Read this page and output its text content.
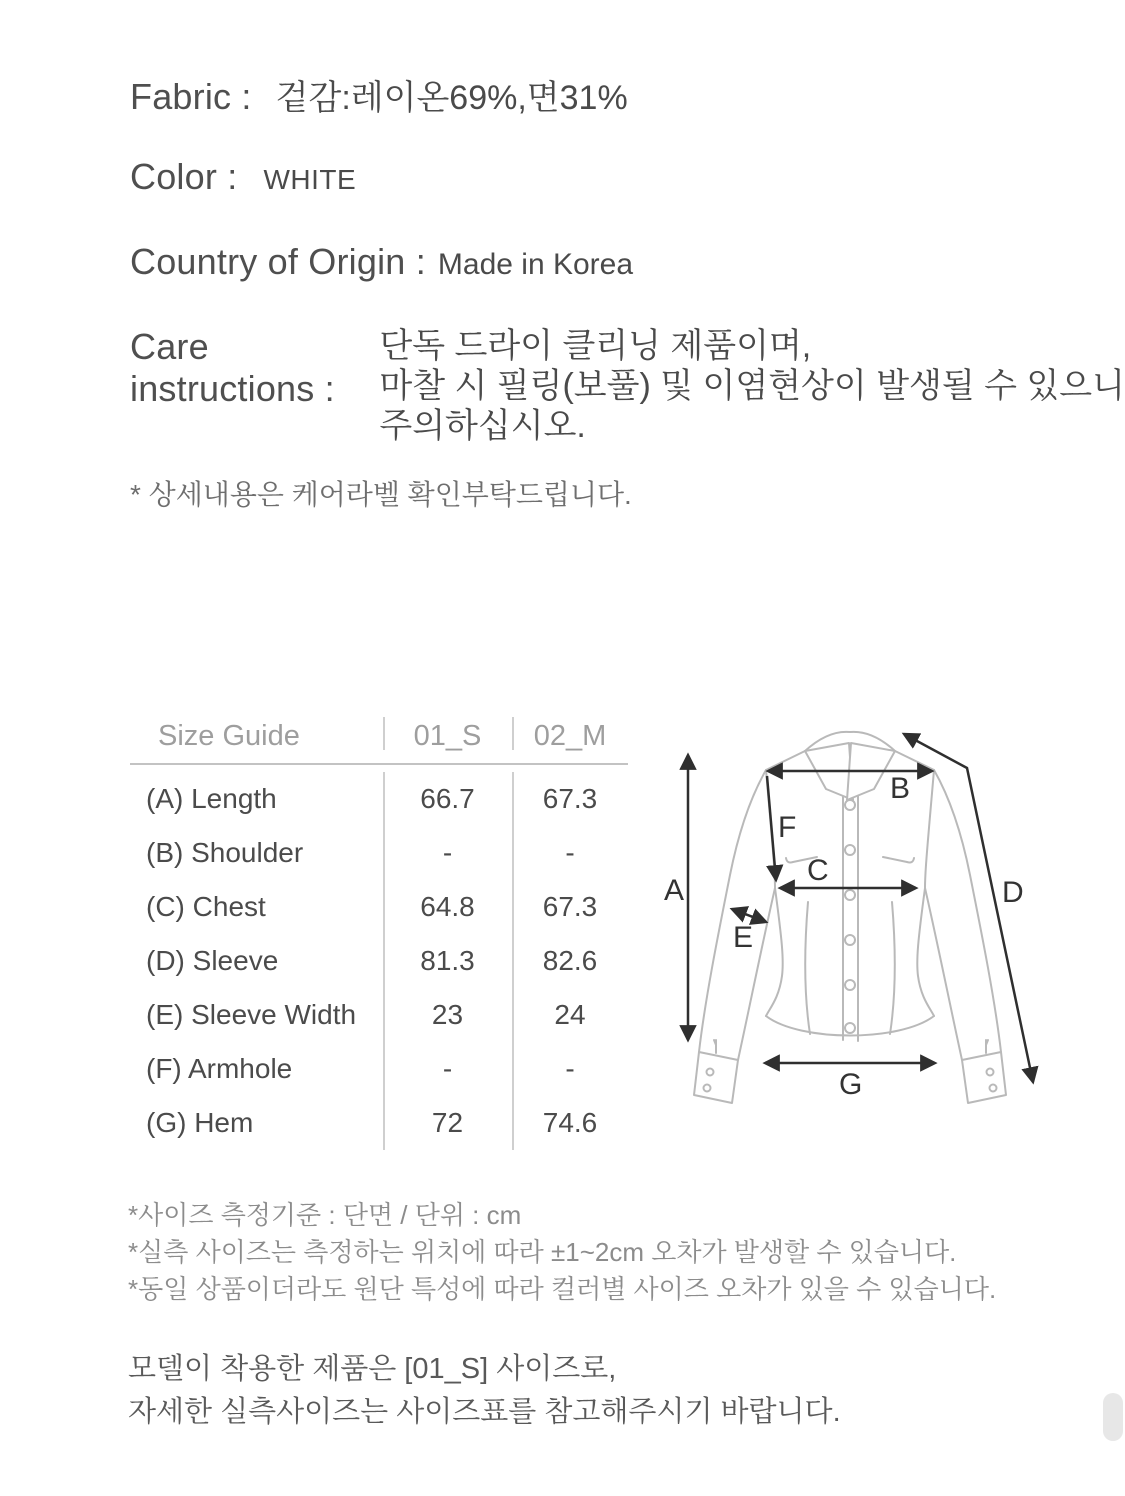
Fabric : 겉감:레이온69%,면31%
Color : WHITE
Country of Origin : Made in Korea
Care instructions :
단독 드라이 클리닝 제품이며,
마찰 시 필링(보풀) 및 이염현상이 발생될 수 있으니
주의하십시오.
* 상세내용은 케어라벨 확인부탁드립니다.
Size Guide	01_S	02_M
(A) Length	66.7	67.3
(B) Shoulder	-	-
(C) Chest	64.8	67.3
(D) Sleeve	81.3	82.6
(E) Sleeve Width	23	24
(F) Armhole	-	-
(G) Hem	72	74.6
A
B
C
D
E
F
G
*사이즈 측정기준 : 단면 / 단위 : cm
*실측 사이즈는 측정하는 위치에 따라 ±1~2cm 오차가 발생할 수 있습니다.
*동일 상품이더라도 원단 특성에 따라 컬러별 사이즈 오차가 있을 수 있습니다.
모델이 착용한 제품은 [01_S] 사이즈로,
자세한 실측사이즈는 사이즈표를 참고해주시기 바랍니다.
